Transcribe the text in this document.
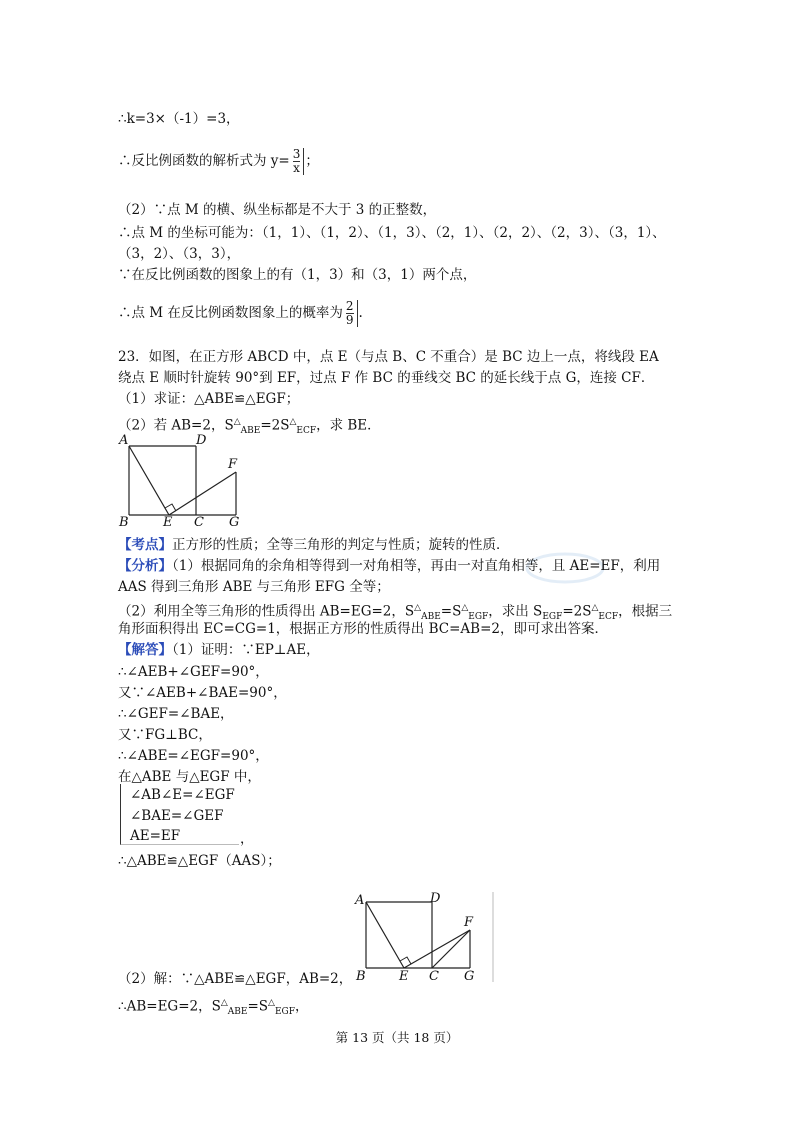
∴k=3×（-1）=3，
∴反比例函数的解析式为 $y= \frac{3}{x}$ ；
（2）∵点 M 的横、纵坐标都是不大于 3 的正整数，
∴点 M 的坐标可能为：（1，1）、（1，2）、（1，3）、（2，1）、（2，2）、（2，3）、（3，1）、
（3，2）、（3，3），
∵在反比例函数的图象上的有（1，3）和（3，1）两个点，
∴点 M 在反比例函数图象上的概率为 $\frac{2}{9}$ .
23．如图，在正方形 ABCD 中，点 E（与点 B、C 不重合）是 BC 边上一点，将线段 EA
绕点 E 顺时针旋转 90°到 EF，过点 F 作 BC 的垂线交 BC 的延长线于点 G，连接 CF．
（1）求证：△ABE≌△EGF；
（2）若 AB=2，$S^\triangle_{ABE}=2S^\triangle_{ECF}$，求 BE．
A	D
F
B	E C G
【考点】正方形的性质；全等三角形的判定与性质；旋转的性质．
【分析】（1）根据同角的余角相等得到一对角相等，再由一对直角相等，且 AE=EF，利用
AAS 得到三角形 ABE 与三角形 EFG 全等；
（2）利用全等三角形的性质得出 AB=EG=2，$S^\triangle_{ABE}=S^\triangle_{EGF}$，求出 $S_{EGF}=2S^\triangle_{ECF}$，根据三
角形面积得出 EC=CG=1，根据正方形的性质得出 BC=AB=2，即可求出答案．
【解答】（1）证明：∵EP⊥AE，
∴∠AEB+∠GEF=90°，
又∵∠AEB+∠BAE=90°，
∴∠GEF=∠BAE，
又∵FG⊥BC，
∴∠ABE=∠EGF=90°，
在△ABE 与△EGF 中，
∠AB∠E=∠EGF
∠BAE=∠GEF
AE=EF	，
∴△ABE≌△EGF（AAS）；
A	D
F
B	E C G
（2）解：∵△ABE≌△EGF，AB=2，
∴AB=EG=2，$S^\triangle_{ABE}=S^\triangle_{EGF}$，
第 13 页（共 18 页）
